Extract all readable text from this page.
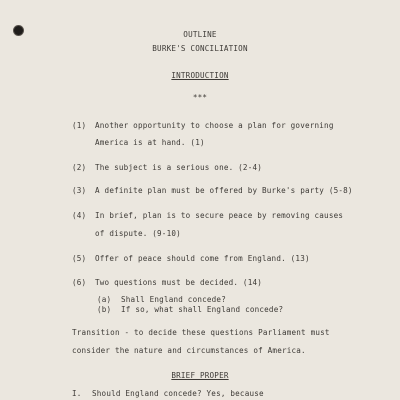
OUTLINE
BURKE'S CONCILIATION
INTRODUCTION
***
(1) Another opportunity to choose a plan for governing
America is at hand. (1)
(2) The subject is a serious one. (2-4)
(3) A definite plan must be offered by Burke's party (5-8)
(4) In brief, plan is to secure peace by removing causes
of dispute. (9-10)
(5) Offer of peace should come from England. (13)
(6) Two questions must be decided. (14)
(a) Shall England concede?
(b) If so, what shall England concede?
Transition - to decide these questions Parliament must
consider the nature and circumstances of America.
BRIEF PROPER
I. Should England concede? Yes, because
